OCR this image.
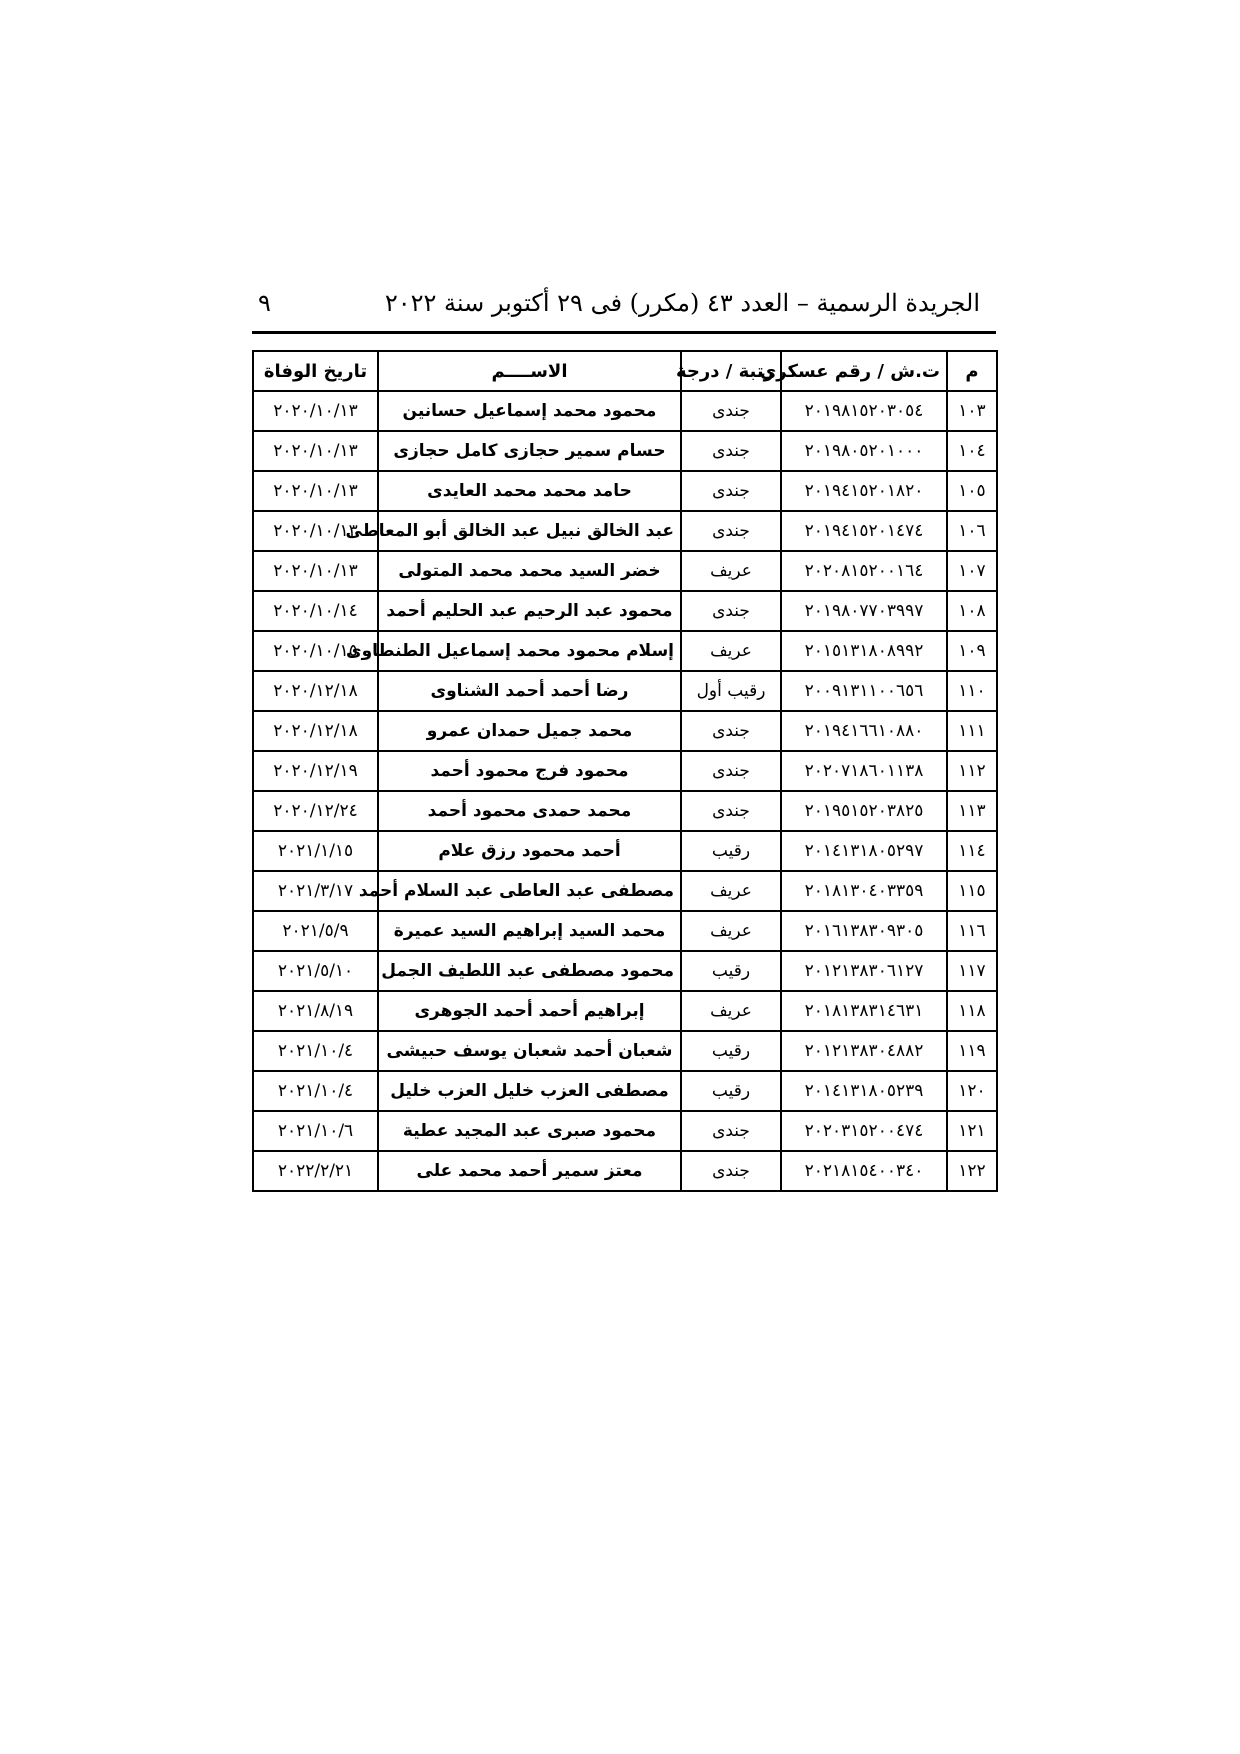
الجريدة الرسمية – العدد ٤٣ (مكرر) فى ٢٩ أكتوبر سنة ٢٠٢٢
٩
م	ت.ش / رقم عسكرى	رتبة / درجة	الاســــم	تاريخ الوفاة
١٠٣	٢٠١٩٨١٥٢٠٣٠٥٤	جندى	محمود محمد إسماعيل حسانين	٢٠٢٠/١٠/١٣
١٠٤	٢٠١٩٨٠٥٢٠١٠٠٠	جندى	حسام سمير حجازى كامل حجازى	٢٠٢٠/١٠/١٣
١٠٥	٢٠١٩٤١٥٢٠١٨٢٠	جندى	حامد محمد محمد العايدى	٢٠٢٠/١٠/١٣
١٠٦	٢٠١٩٤١٥٢٠١٤٧٤	جندى	عبد الخالق نبيل عبد الخالق أبو المعاطى	٢٠٢٠/١٠/١٣
١٠٧	٢٠٢٠٨١٥٢٠٠١٦٤	عريف	خضر السيد محمد محمد المتولى	٢٠٢٠/١٠/١٣
١٠٨	٢٠١٩٨٠٧٧٠٣٩٩٧	جندى	محمود عبد الرحيم عبد الحليم أحمد	٢٠٢٠/١٠/١٤
١٠٩	٢٠١٥١٣١٨٠٨٩٩٢	عريف	إسلام محمود محمد إسماعيل الطنطاوى	٢٠٢٠/١٠/١٥
١١٠	٢٠٠٩١٣١١٠٠٦٥٦	رقيب أول	رضا أحمد أحمد الشناوى	٢٠٢٠/١٢/١٨
١١١	٢٠١٩٤١٦٦١٠٨٨٠	جندى	محمد جميل حمدان عمرو	٢٠٢٠/١٢/١٨
١١٢	٢٠٢٠٧١٨٦٠١١٣٨	جندى	محمود فرج محمود أحمد	٢٠٢٠/١٢/١٩
١١٣	٢٠١٩٥١٥٢٠٣٨٢٥	جندى	محمد حمدى محمود أحمد	٢٠٢٠/١٢/٢٤
١١٤	٢٠١٤١٣١٨٠٥٢٩٧	رقيب	أحمد محمود رزق علام	٢٠٢١/١/١٥
١١٥	٢٠١٨١٣٠٤٠٣٣٥٩	عريف	مصطفى عبد العاطى عبد السلام أحمد	٢٠٢١/٣/١٧
١١٦	٢٠١٦١٣٨٣٠٩٣٠٥	عريف	محمد السيد إبراهيم السيد عميرة	٢٠٢١/٥/٩
١١٧	٢٠١٢١٣٨٣٠٦١٢٧	رقيب	محمود مصطفى عبد اللطيف الجمل	٢٠٢١/٥/١٠
١١٨	٢٠١٨١٣٨٣١٤٦٣١	عريف	إبراهيم أحمد أحمد الجوهرى	٢٠٢١/٨/١٩
١١٩	٢٠١٢١٣٨٣٠٤٨٨٢	رقيب	شعبان أحمد شعبان يوسف حبيشى	٢٠٢١/١٠/٤
١٢٠	٢٠١٤١٣١٨٠٥٢٣٩	رقيب	مصطفى العزب خليل العزب خليل	٢٠٢١/١٠/٤
١٢١	٢٠٢٠٣١٥٢٠٠٤٧٤	جندى	محمود صبرى عبد المجيد عطية	٢٠٢١/١٠/٦
١٢٢	٢٠٢١٨١٥٤٠٠٣٤٠	جندى	معتز سمير أحمد محمد على	٢٠٢٢/٢/٢١
